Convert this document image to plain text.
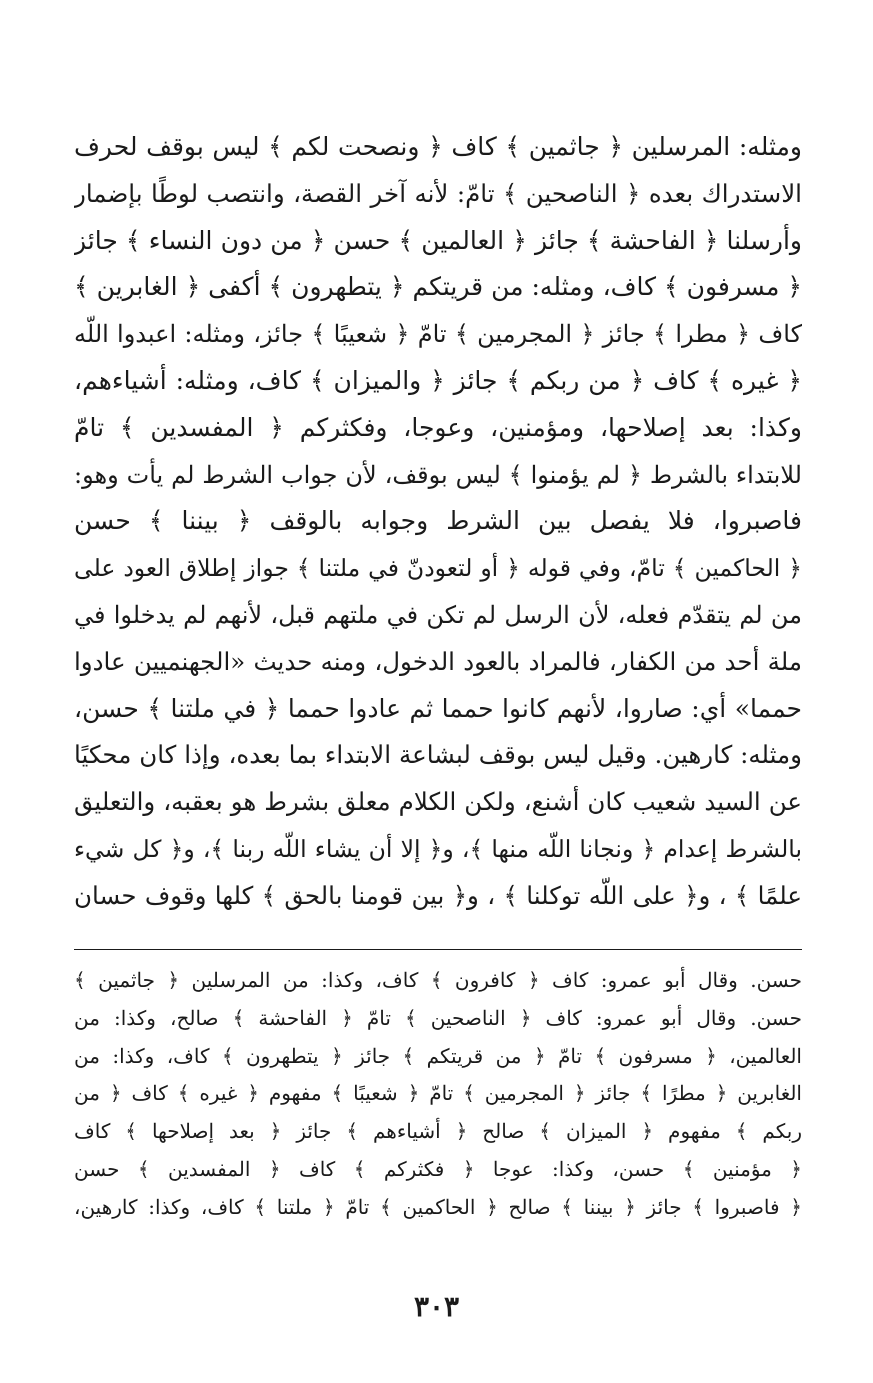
ومثله: المرسلين ﴿ جاثمين ﴾ كاف ﴿ ونصحت لكم ﴾ ليس بوقف لحرف
الاستدراك بعده ﴿ الناصحين ﴾ تامّ: لأنه آخر القصة، وانتصب لوطًا بإضمار
وأرسلنا ﴿ الفاحشة ﴾ جائز ﴿ العالمين ﴾ حسن ﴿ من دون النساء ﴾ جائز
﴿ مسرفون ﴾ كاف، ومثله: من قريتكم ﴿ يتطهرون ﴾ أكفى ﴿ الغابرين ﴾
كاف ﴿ مطرا ﴾ جائز ﴿ المجرمين ﴾ تامّ ﴿ شعيبًا ﴾ جائز، ومثله: اعبدوا اللّه
﴿ غيره ﴾ كاف ﴿ من ربكم ﴾ جائز ﴿ والميزان ﴾ كاف، ومثله: أشياءهم،
وكذا: بعد إصلاحها، ومؤمنين، وعوجا، وفكثركم ﴿ المفسدين ﴾ تامّ
للابتداء بالشرط ﴿ لم يؤمنوا ﴾ ليس بوقف، لأن جواب الشرط لم يأت وهو:
فاصبروا، فلا يفصل بين الشرط وجوابه بالوقف ﴿ بيننا ﴾ حسن
﴿ الحاكمين ﴾ تامّ، وفي قوله ﴿ أو لتعودنّ في ملتنا ﴾ جواز إطلاق العود على
من لم يتقدّم فعله، لأن الرسل لم تكن في ملتهم قبل، لأنهم لم يدخلوا في
ملة أحد من الكفار، فالمراد بالعود الدخول، ومنه حديث «الجهنميين عادوا
حمما» أي: صاروا، لأنهم كانوا حمما ثم عادوا حمما ﴿ في ملتنا ﴾ حسن،
ومثله: كارهين. وقيل ليس بوقف لبشاعة الابتداء بما بعده، وإذا كان محكيًا
عن السيد شعيب كان أشنع، ولكن الكلام معلق بشرط هو بعقبه، والتعليق
بالشرط إعدام ﴿ ونجانا اللّه منها ﴾، و﴿ إلا أن يشاء اللّه ربنا ﴾، و﴿ كل شيء
علمًا ﴾ ، و﴿ على اللّه توكلنا ﴾ ، و﴿ بين قومنا بالحق ﴾ كلها وقوف حسان
حسن. وقال أبو عمرو: كاف ﴿ كافرون ﴾ كاف، وكذا: من المرسلين ﴿ جاثمين ﴾
حسن. وقال أبو عمرو: كاف ﴿ الناصحين ﴾ تامّ ﴿ الفاحشة ﴾ صالح، وكذا: من
العالمين، ﴿ مسرفون ﴾ تامّ ﴿ من قريتكم ﴾ جائز ﴿ يتطهرون ﴾ كاف، وكذا: من
الغابرين ﴿ مطرًا ﴾ جائز ﴿ المجرمين ﴾ تامّ ﴿ شعيبًا ﴾ مفهوم ﴿ غيره ﴾ كاف ﴿ من
ربكم ﴾ مفهوم ﴿ الميزان ﴾ صالح ﴿ أشياءهم ﴾ جائز ﴿ بعد إصلاحها ﴾ كاف
﴿ مؤمنين ﴾ حسن، وكذا: عوجا ﴿ فكثركم ﴾ كاف ﴿ المفسدين ﴾ حسن
﴿ فاصبروا ﴾ جائز ﴿ بيننا ﴾ صالح ﴿ الحاكمين ﴾ تامّ ﴿ ملتنا ﴾ كاف، وكذا: كارهين،
٣٠٣
